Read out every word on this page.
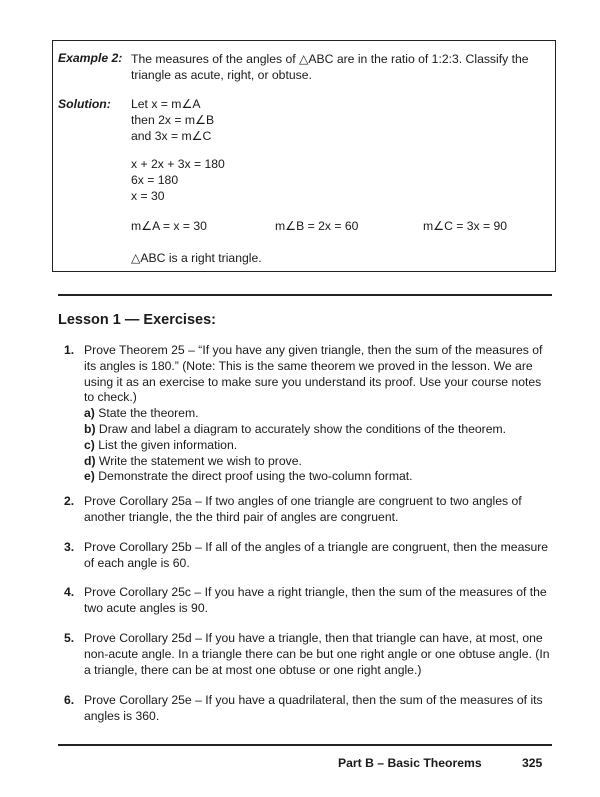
Example 2: The measures of the angles of △ABC are in the ratio of 1:2:3. Classify the triangle as acute, right, or obtuse.
Solution: Let x = m∠A
then 2x = m∠B
and 3x = m∠C
x + 2x + 3x = 180
6x = 180
x = 30
m∠A = x = 30	m∠B = 2x = 60	m∠C = 3x = 90
△ABC is a right triangle.
Lesson 1 — Exercises:
1. Prove Theorem 25 – “If you have any given triangle, then the sum of the measures of its angles is 180.” (Note: This is the same theorem we proved in the lesson. We are using it as an exercise to make sure you understand its proof. Use your course notes to check.)
a) State the theorem.
b) Draw and label a diagram to accurately show the conditions of the theorem.
c) List the given information.
d) Write the statement we wish to prove.
e) Demonstrate the direct proof using the two-column format.
2. Prove Corollary 25a – If two angles of one triangle are congruent to two angles of another triangle, the the third pair of angles are congruent.
3. Prove Corollary 25b – If all of the angles of a triangle are congruent, then the measure of each angle is 60.
4. Prove Corollary 25c – If you have a right triangle, then the sum of the measures of the two acute angles is 90.
5. Prove Corollary 25d – If you have a triangle, then that triangle can have, at most, one non-acute angle. In a triangle there can be but one right angle or one obtuse angle. (In a triangle, there can be at most one obtuse or one right angle.)
6. Prove Corollary 25e – If you have a quadrilateral, then the sum of the measures of its angles is 360.
Part B – Basic Theorems	325
